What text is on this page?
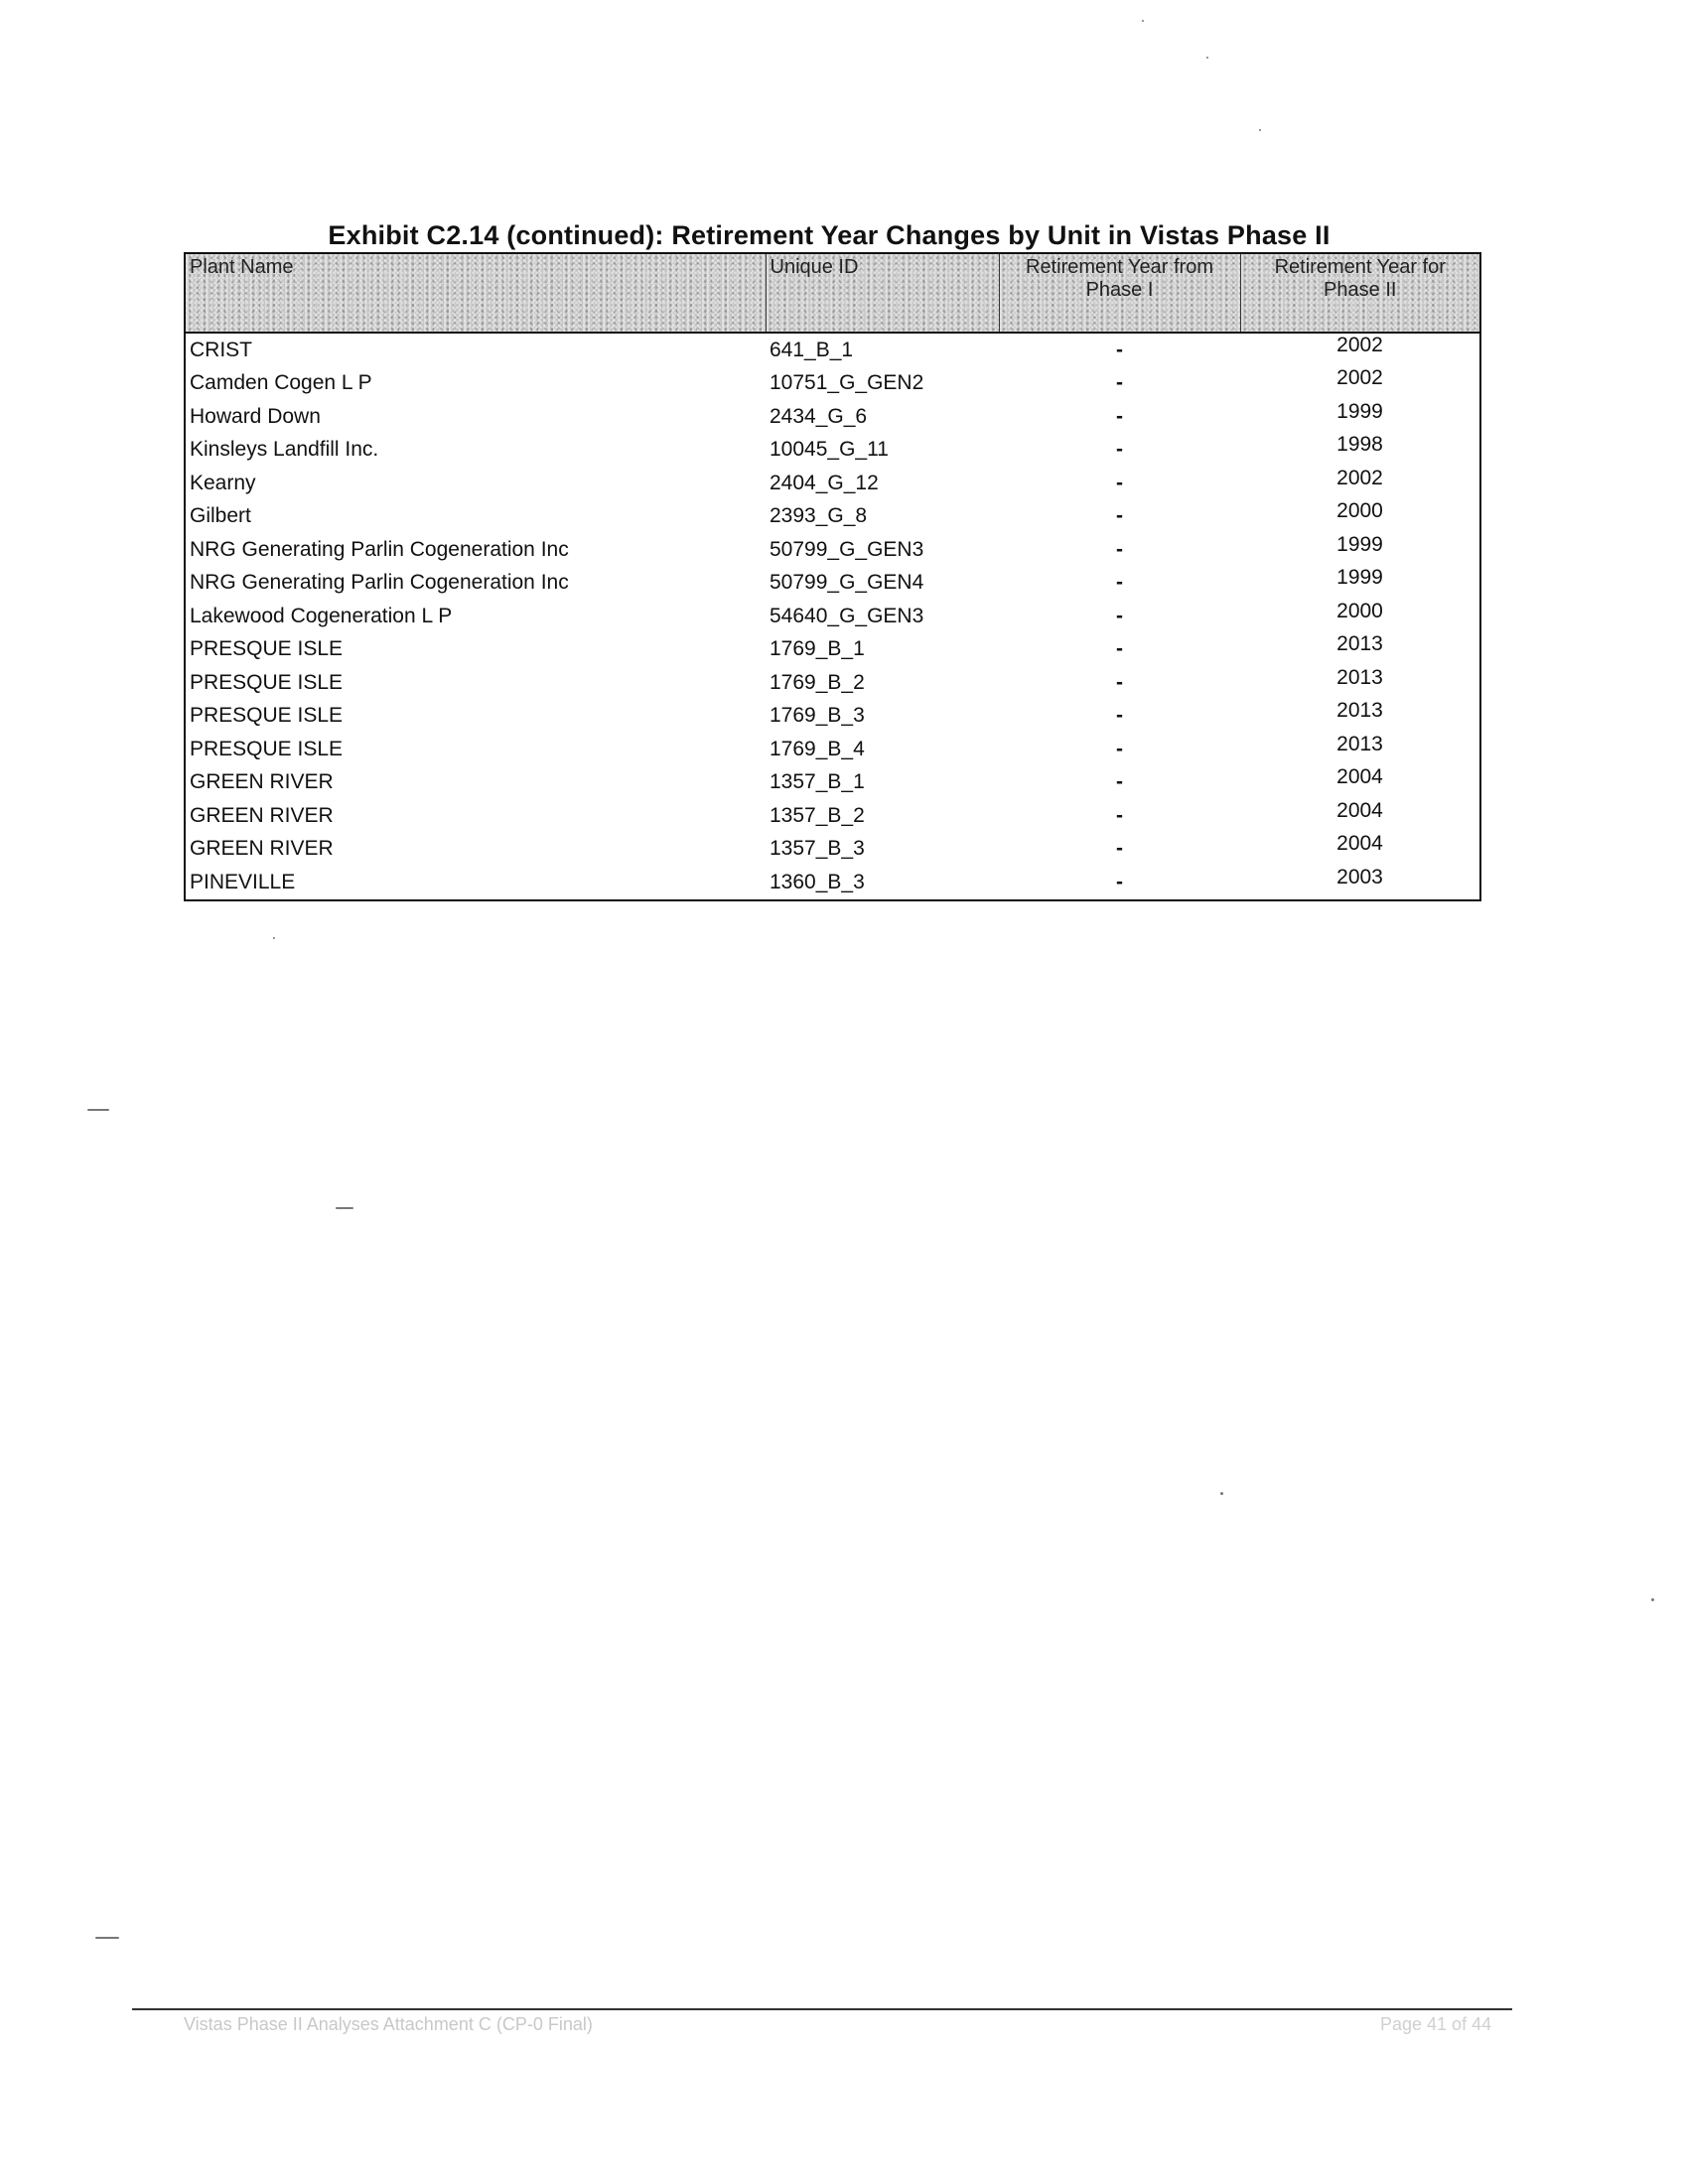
Exhibit C2.14 (continued): Retirement Year Changes by Unit in Vistas Phase II
Plant Name	Unique ID	Retirement Year from Phase I	Retirement Year for Phase II
CRIST	641_B_1	-	2002
Camden Cogen L P	10751_G_GEN2	-	2002
Howard Down	2434_G_6	-	1999
Kinsleys Landfill Inc.	10045_G_11	-	1998
Kearny	2404_G_12	-	2002
Gilbert	2393_G_8	-	2000
NRG Generating Parlin Cogeneration Inc	50799_G_GEN3	-	1999
NRG Generating Parlin Cogeneration Inc	50799_G_GEN4	-	1999
Lakewood Cogeneration L P	54640_G_GEN3	-	2000
PRESQUE ISLE	1769_B_1	-	2013
PRESQUE ISLE	1769_B_2	-	2013
PRESQUE ISLE	1769_B_3	-	2013
PRESQUE ISLE	1769_B_4	-	2013
GREEN RIVER	1357_B_1	-	2004
GREEN RIVER	1357_B_2	-	2004
GREEN RIVER	1357_B_3	-	2004
PINEVILLE	1360_B_3	-	2003
Vistas Phase II Analyses Attachment C (CP-0 Final)	Page 41 of 44
